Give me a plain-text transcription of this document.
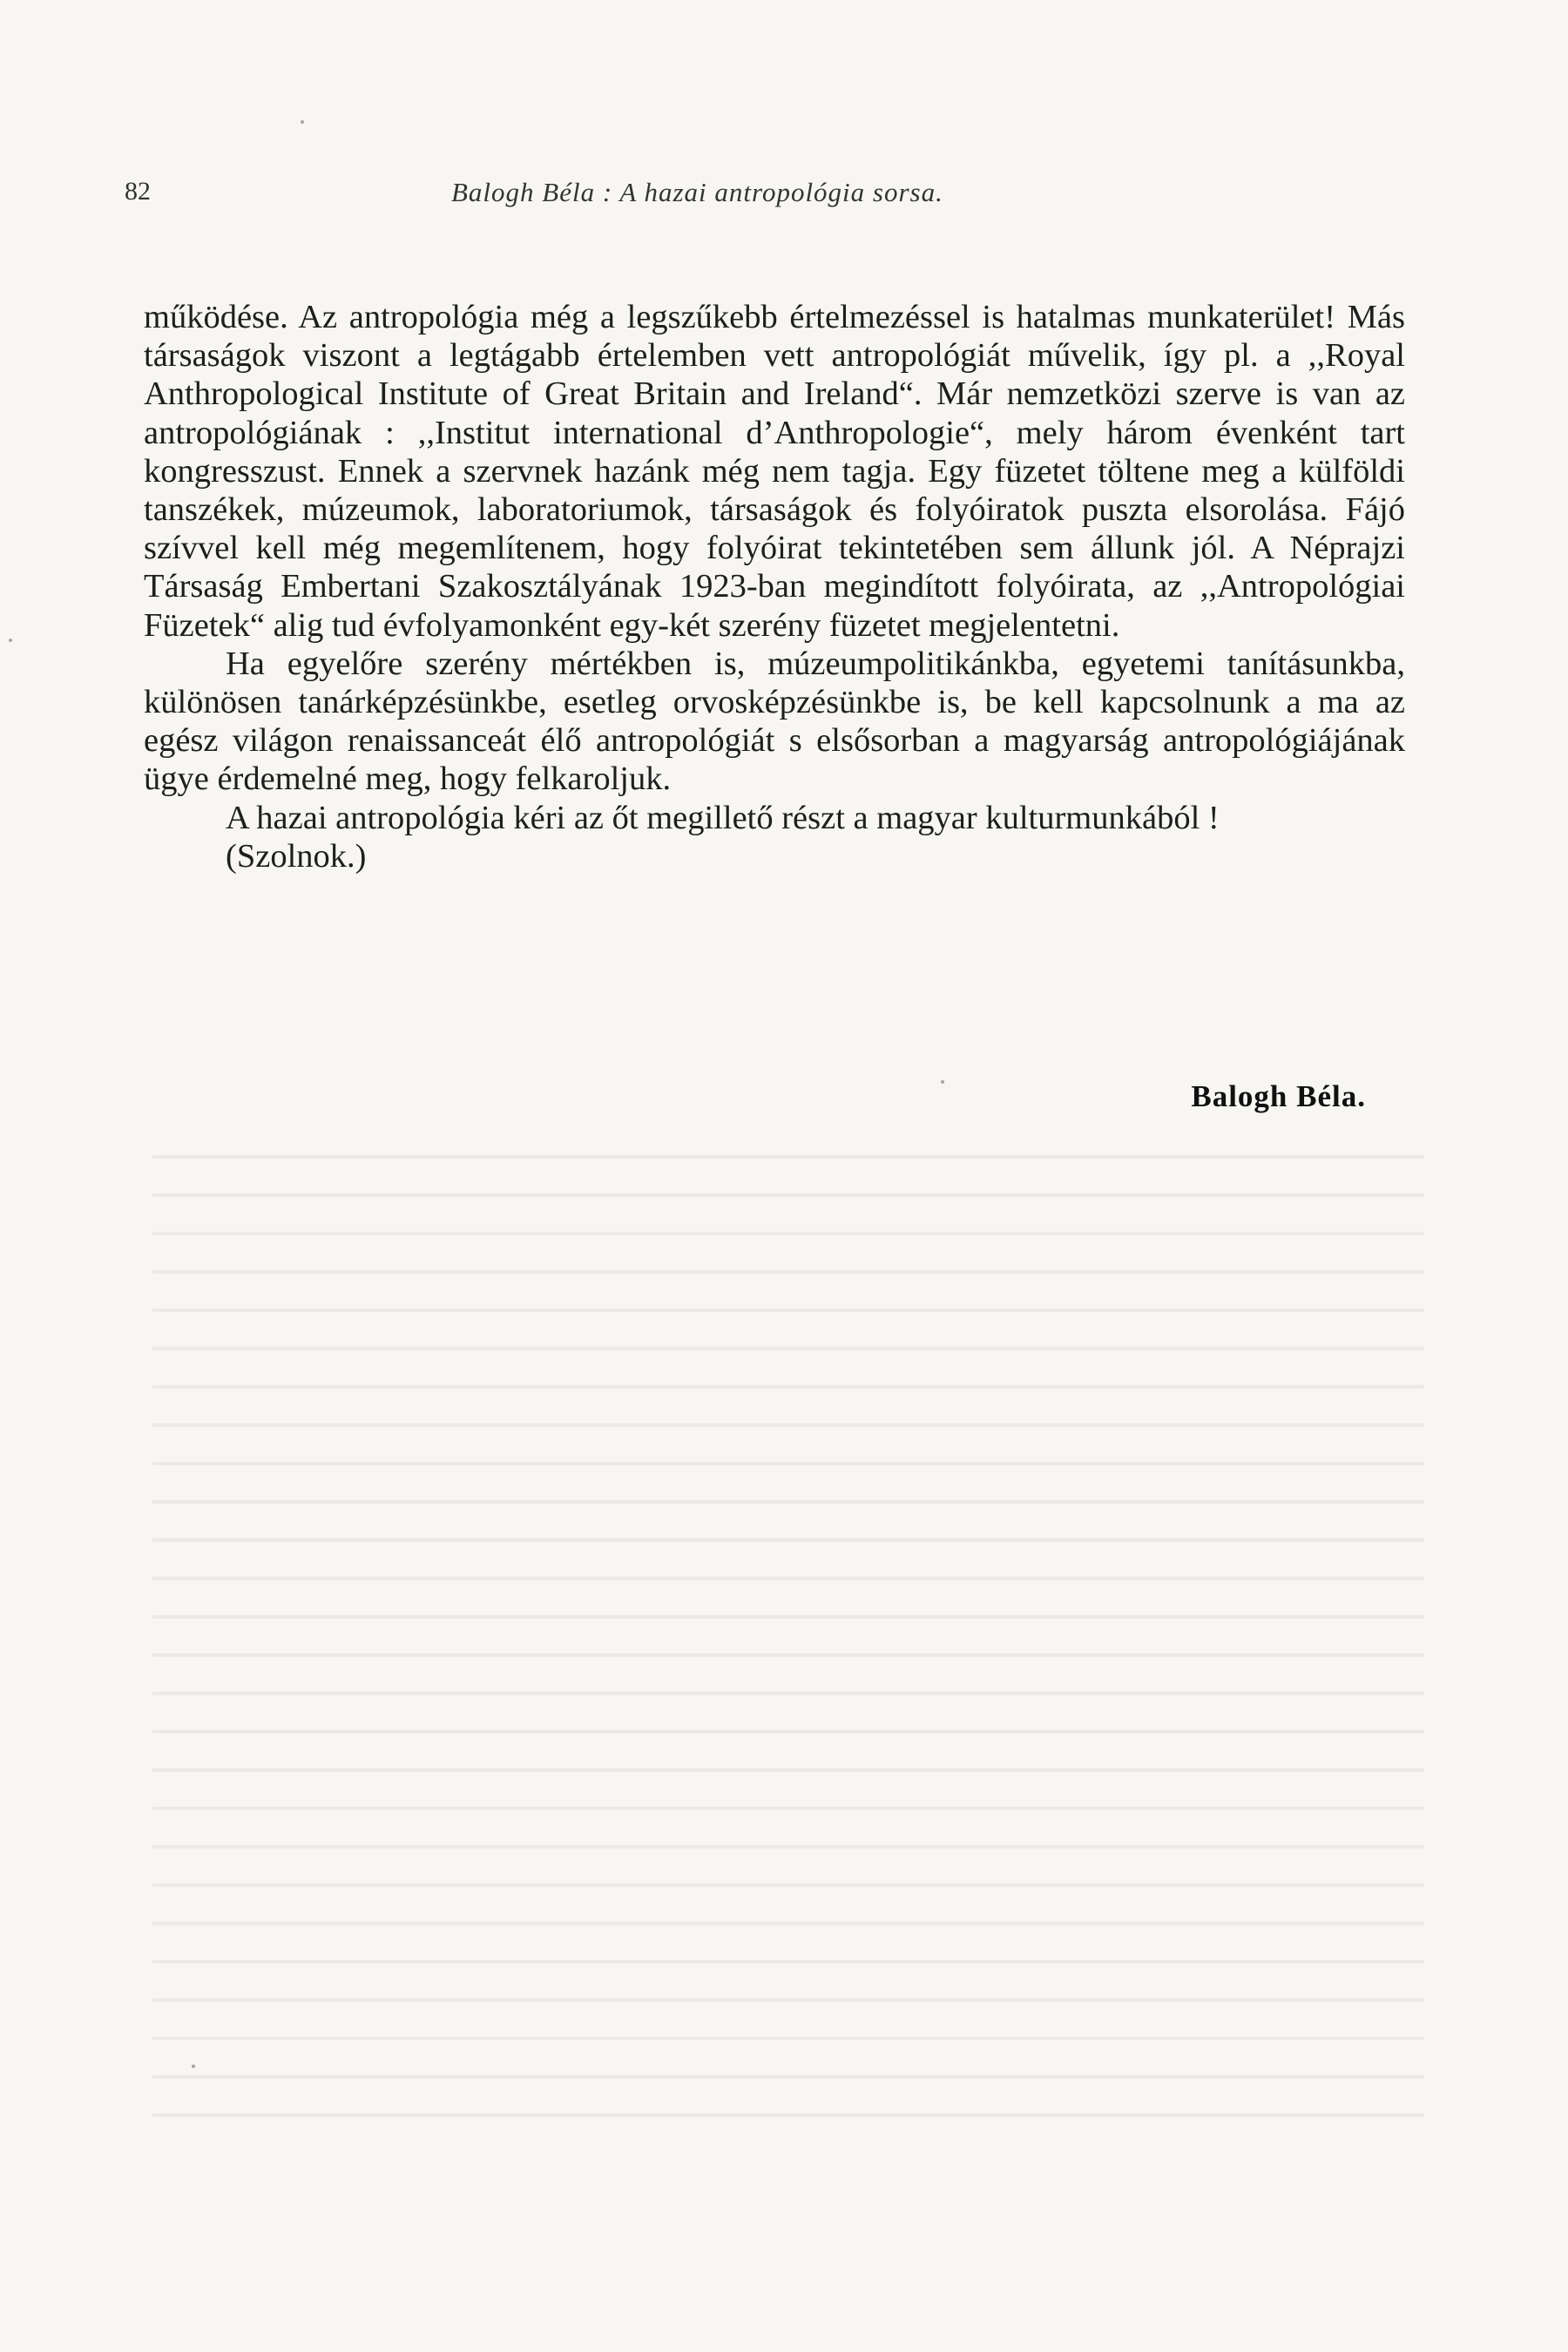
82	Balogh Béla : A hazai antropológia sorsa.

működése. Az antropológia még a legszűkebb értelmezéssel is hatalmas munkaterület! Más társaságok viszont a legtágabb értelemben vett antropológiát művelik, így pl. a ,,Royal Anthropological Institute of Great Britain and Ireland“. Már nemzetközi szerve is van az antropológiának : ,,Institut international d’Anthropologie“, mely három évenként tart kongresszust. Ennek a szervnek hazánk még nem tagja. Egy füzetet töltene meg a külföldi tanszékek, múzeumok, laboratoriumok, társaságok és folyóiratok puszta elsorolása. Fájó szívvel kell még megemlítenem, hogy folyóirat tekintetében sem állunk jól. A Néprajzi Társaság Embertani Szakosztályának 1923-ban megindított folyóirata, az ,,Antropológiai Füzetek“ alig tud évfolyamonként egy-két szerény füzetet megjelentetni.

Ha egyelőre szerény mértékben is, múzeumpolitikánkba, egyetemi tanításunkba, különösen tanárképzésünkbe, esetleg orvosképzésünkbe is, be kell kapcsolnunk a ma az egész világon renaissanceát élő antropológiát s elsősorban a magyarság antropológiájának ügye érdemelné meg, hogy felkaroljuk.

A hazai antropológia kéri az őt megillető részt a magyar kulturmunkából !

(Szolnok.)

Balogh Béla.
